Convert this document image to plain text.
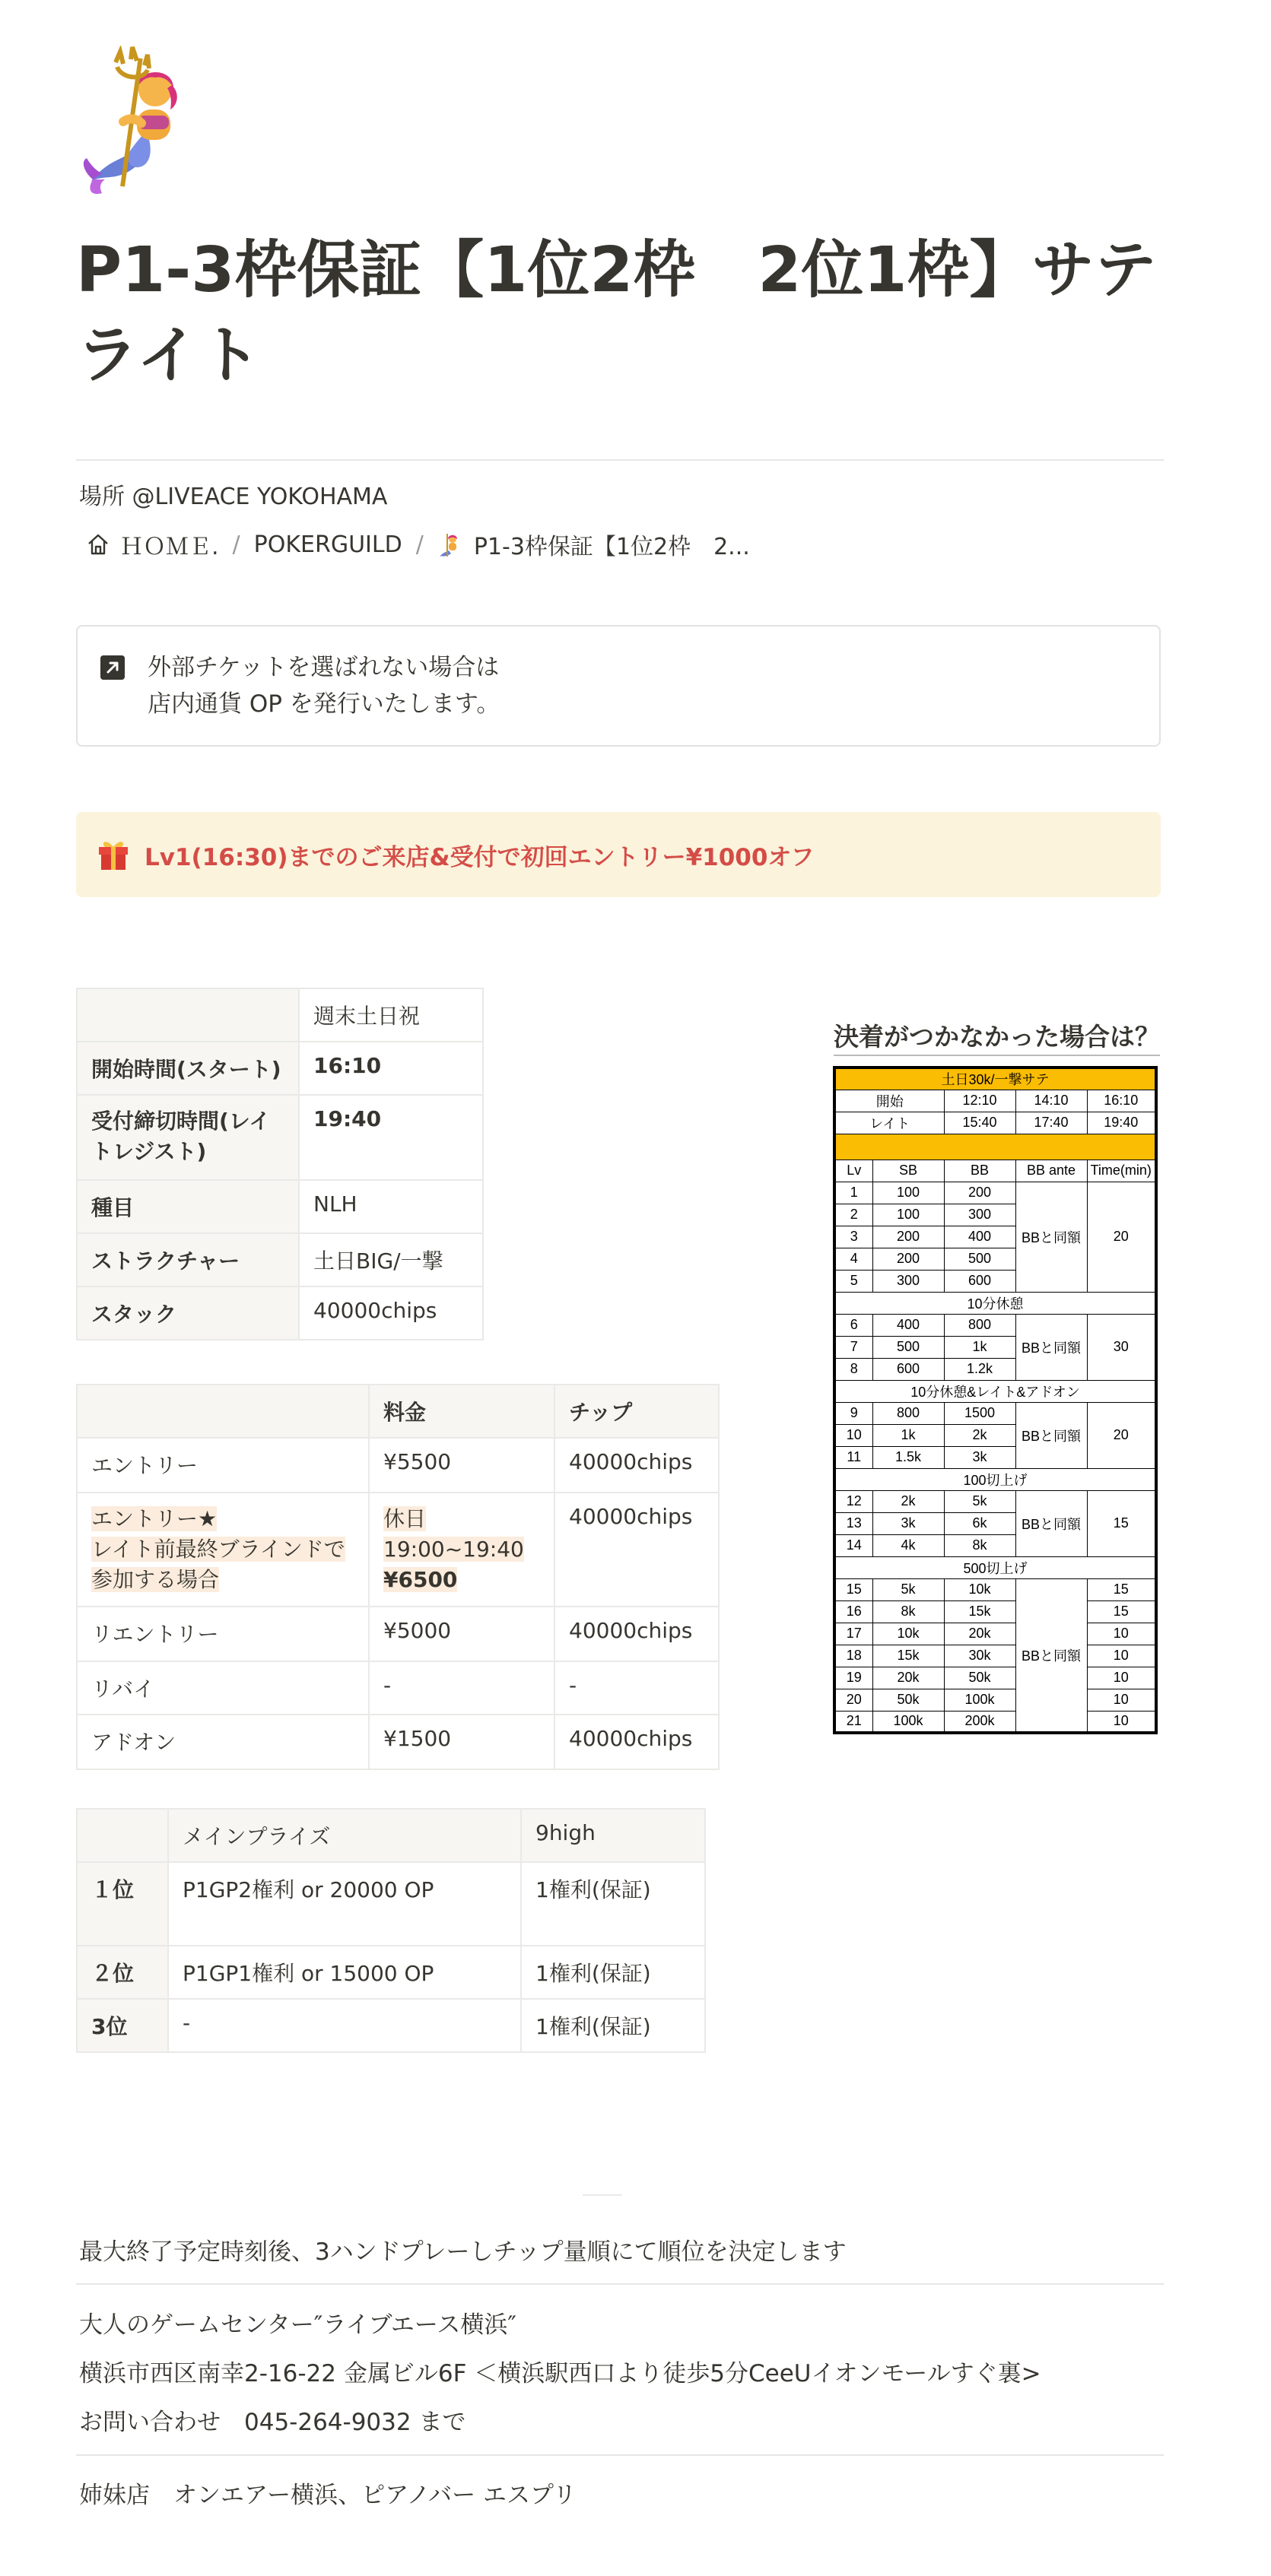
P1-3枠保証【1位2枠　2位1枠】サテライト
場所 @LIVEACE YOKOHAMA
ＨＯＭＥ. / POKERGUILD / P1-3枠保証【1位2枠　2...
外部チケットを選ばれない場合は
店内通貨 OP を発行いたします。
Lv1(16:30)までのご来店&受付で初回エントリー¥1000オフ
	週末土日祝
開始時間(スタート)	16:10
受付締切時間(レイトレジスト)	19:40
種目	NLH
ストラクチャー	土日BIG/一撃
スタック	40000chips
	料金	チップ
エントリー	¥5500	40000chips
エントリー★
レイト前最終ブラインドで
参加する場合	休日
19:00~19:40
¥6500	40000chips
リエントリー	¥5000	40000chips
リバイ	-	-
アドオン	¥1500	40000chips
	メインプライズ	9high
１位	P1GP2権利 or 20000 OP	1権利(保証)
２位	P1GP1権利 or 15000 OP	1権利(保証)
3位	-	1権利(保証)
決着がつかなかった場合は？
土日30k/一撃サテ				
開始		12:10	14:10	16:10
レイト		15:40	17:40	19:40

Lv	SB	BB	BB ante	Time(min)
1	100	200	BBと同額	20
2	100	300		
3	200	400		
4	200	500		
5	300	600		
10分休憩				
6	400	800	BBと同額	30
7	500	1k		
8	600	1.2k		
10分休憩&レイト&アドオン				
9	800	1500	BBと同額	20
10	1k	2k		
11	1.5k	3k		
100切上げ				
12	2k	5k	BBと同額	15
13	3k	6k		
14	4k	8k		
500切上げ				
15	5k	10k	BBと同額	15
16	8k	15k		15
17	10k	20k		10
18	15k	30k		10
19	20k	50k		10
20	50k	100k		10
21	100k	200k		10
最大終了予定時刻後、3ハンドプレーしチップ量順にて順位を決定します
大人のゲームセンター″ライブエース横浜″
横浜市西区南幸2-16-22 金属ビル6F ＜横浜駅西口より徒歩5分CeeUイオンモールすぐ裏>
お問い合わせ　045-264-9032 まで
姉妹店　オンエアー横浜、ピアノバー エスプリ
